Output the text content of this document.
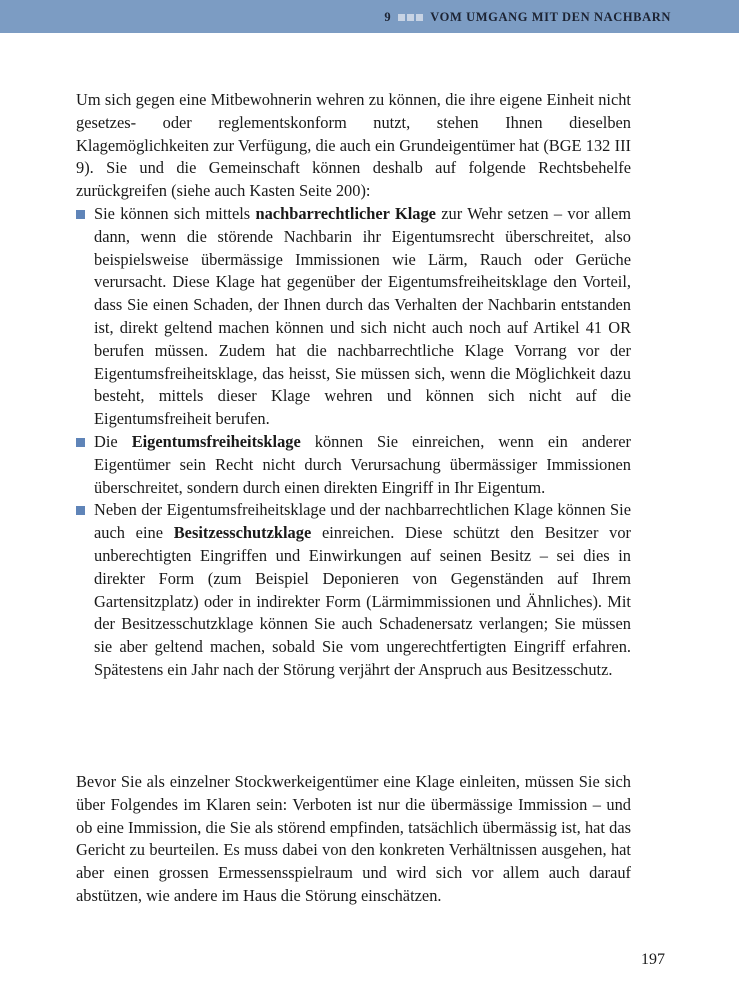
9	VOM UMGANG MIT DEN NACHBARN

Um sich gegen eine Mitbewohnerin wehren zu können, die ihre eigene Einheit nicht gesetzes- oder reglementskonform nutzt, stehen Ihnen dieselben Klagemöglichkeiten zur Verfügung, die auch ein Grundeigentümer hat (BGE 132 III 9). Sie und die Gemeinschaft können deshalb auf folgende Rechtsbehelfe zurückgreifen (siehe auch Kasten Seite 200):

Sie können sich mittels nachbarrechtlicher Klage zur Wehr setzen – vor allem dann, wenn die störende Nachbarin ihr Eigentumsrecht überschreitet, also beispielsweise übermässige Immissionen wie Lärm, Rauch oder Gerüche verursacht. Diese Klage hat gegenüber der Eigentumsfreiheitsklage den Vorteil, dass Sie einen Schaden, der Ihnen durch das Verhalten der Nachbarin entstanden ist, direkt geltend machen können und sich nicht auch noch auf Artikel 41 OR berufen müssen. Zudem hat die nachbarrechtliche Klage Vorrang vor der Eigentumsfreiheitsklage, das heisst, Sie müssen sich, wenn die Möglichkeit dazu besteht, mittels dieser Klage wehren und können sich nicht auf die Eigentumsfreiheit berufen.
Die Eigentumsfreiheitsklage können Sie einreichen, wenn ein anderer Eigentümer sein Recht nicht durch Verursachung übermässiger Immissionen überschreitet, sondern durch einen direkten Eingriff in Ihr Eigentum.
Neben der Eigentumsfreiheitsklage und der nachbarrechtlichen Klage können Sie auch eine Besitzesschutzklage einreichen. Diese schützt den Besitzer vor unberechtigten Eingriffen und Einwirkungen auf seinen Besitz – sei dies in direkter Form (zum Beispiel Deponieren von Gegenständen auf Ihrem Gartensitzplatz) oder in indirekter Form (Lärmimmissionen und Ähnliches). Mit der Besitzesschutzklage können Sie auch Schadenersatz verlangen; Sie müssen sie aber geltend machen, sobald Sie vom ungerechtfertigten Eingriff erfahren. Spätestens ein Jahr nach der Störung verjährt der Anspruch aus Besitzesschutz.

Bevor Sie als einzelner Stockwerkeigentümer eine Klage einleiten, müssen Sie sich über Folgendes im Klaren sein: Verboten ist nur die übermässige Immission – und ob eine Immission, die Sie als störend empfinden, tatsächlich übermässig ist, hat das Gericht zu beurteilen. Es muss dabei von den konkreten Verhältnissen ausgehen, hat aber einen grossen Ermessensspielraum und wird sich vor allem auch darauf abstützen, wie andere im Haus die Störung einschätzen.

197
